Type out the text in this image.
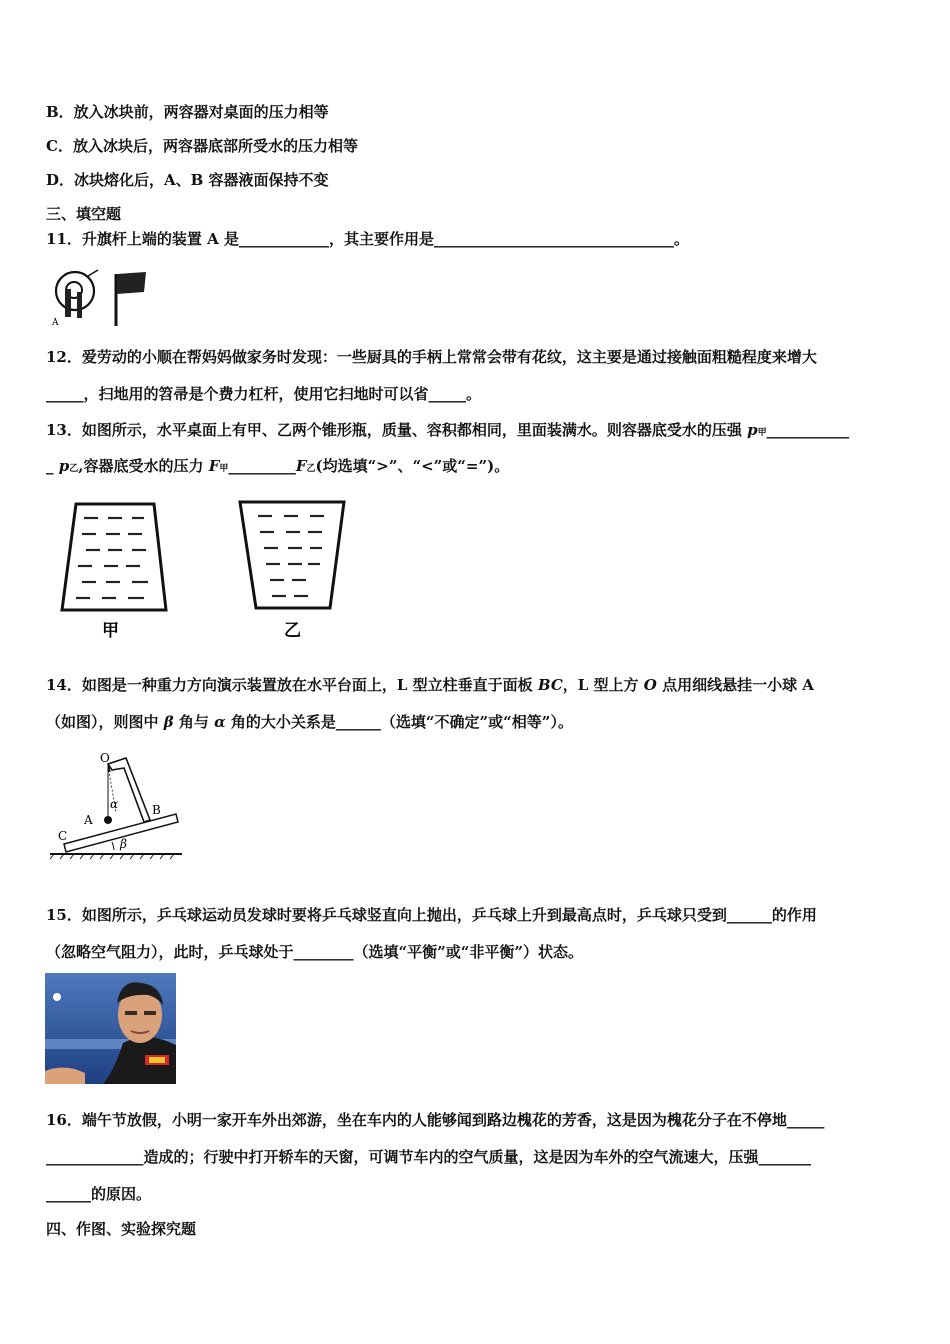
B．放入冰块前，两容器对桌面的压力相等
C．放入冰块后，两容器底部所受水的压力相等
D．冰块熔化后，A、B 容器液面保持不变
三、填空题
11．升旗杆上端的装置 A 是____________，其主要作用是________________________________。
A
12．爱劳动的小顺在帮妈妈做家务时发现：一些厨具的手柄上常常会带有花纹，这主要是通过接触面粗糙程度来增大
_____，扫地用的笤帚是个费力杠杆，使用它扫地时可以省_____。
13．如图所示，水平桌面上有甲、乙两个锥形瓶，质量、容积都相同，里面装满水。则容器底受水的压强 p甲___________
_ p乙,容器底受水的压力 F甲_________F乙(均选填“>”、“<”或“=”)。
甲	乙
14．如图是一种重力方向演示装置放在水平台面上，L 型立柱垂直于面板 BC，L 型上方 O 点用细线悬挂一小球 A
（如图），则图中 β 角与 α 角的大小关系是______（选填“不确定”或“相等”）。
O
A
B
C
α
β
15．如图所示，乒乓球运动员发球时要将乒乓球竖直向上抛出，乒乓球上升到最高点时，乒乓球只受到______的作用
（忽略空气阻力），此时，乒乓球处于________（选填“平衡”或“非平衡”）状态。
16．端午节放假，小明一家开车外出郊游，坐在车内的人能够闻到路边槐花的芳香，这是因为槐花分子在不停地_____
_____________造成的；行驶中打开轿车的天窗，可调节车内的空气质量，这是因为车外的空气流速大，压强_______
______的原因。
四、作图、实验探究题
